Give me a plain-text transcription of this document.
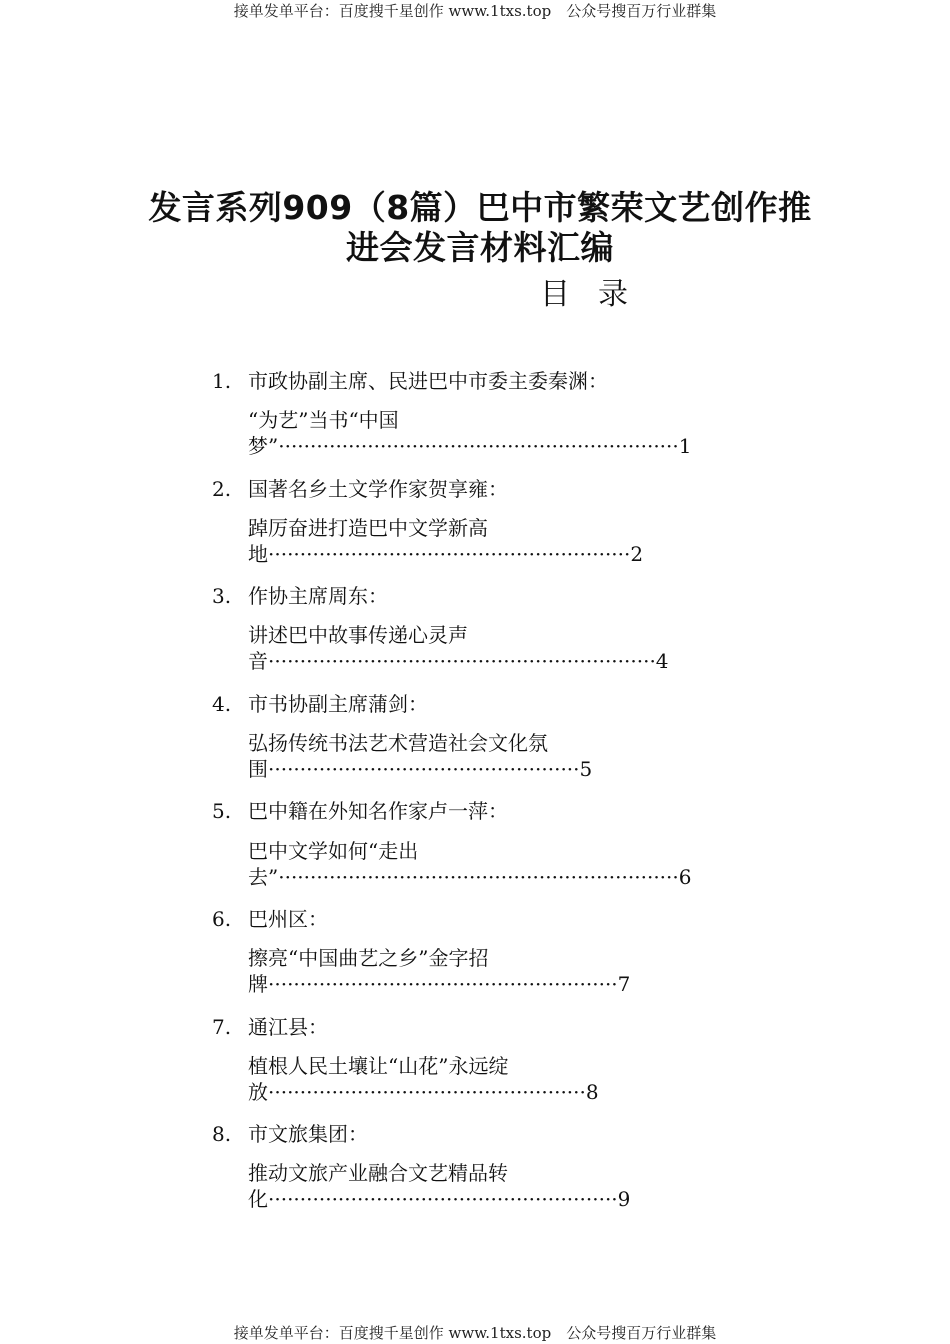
接单发单平台：百度搜千星创作 www.1txs.top　公众号搜百万行业群集
发言系列909（8篇）巴中市繁荣文艺创作推
进会发言材料汇编
目录
1. 市政协副主席、民进巴中市委主委秦渊：
“为艺”当书“中国
梦”·······························································1
2. 国著名乡土文学作家贺享雍：
踔厉奋进打造巴中文学新高
地·························································2
3. 作协主席周东：
讲述巴中故事传递心灵声
音·····························································4
4. 市书协副主席蒲剑：
弘扬传统书法艺术营造社会文化氛
围·················································5
5. 巴中籍在外知名作家卢一萍：
巴中文学如何“走出
去”·······························································6
6. 巴州区：
擦亮“中国曲艺之乡”金字招
牌·······················································7
7. 通江县：
植根人民土壤让“山花”永远绽
放··················································8
8. 市文旅集团：
推动文旅产业融合文艺精品转
化·······················································9
接单发单平台：百度搜千星创作 www.1txs.top　公众号搜百万行业群集
